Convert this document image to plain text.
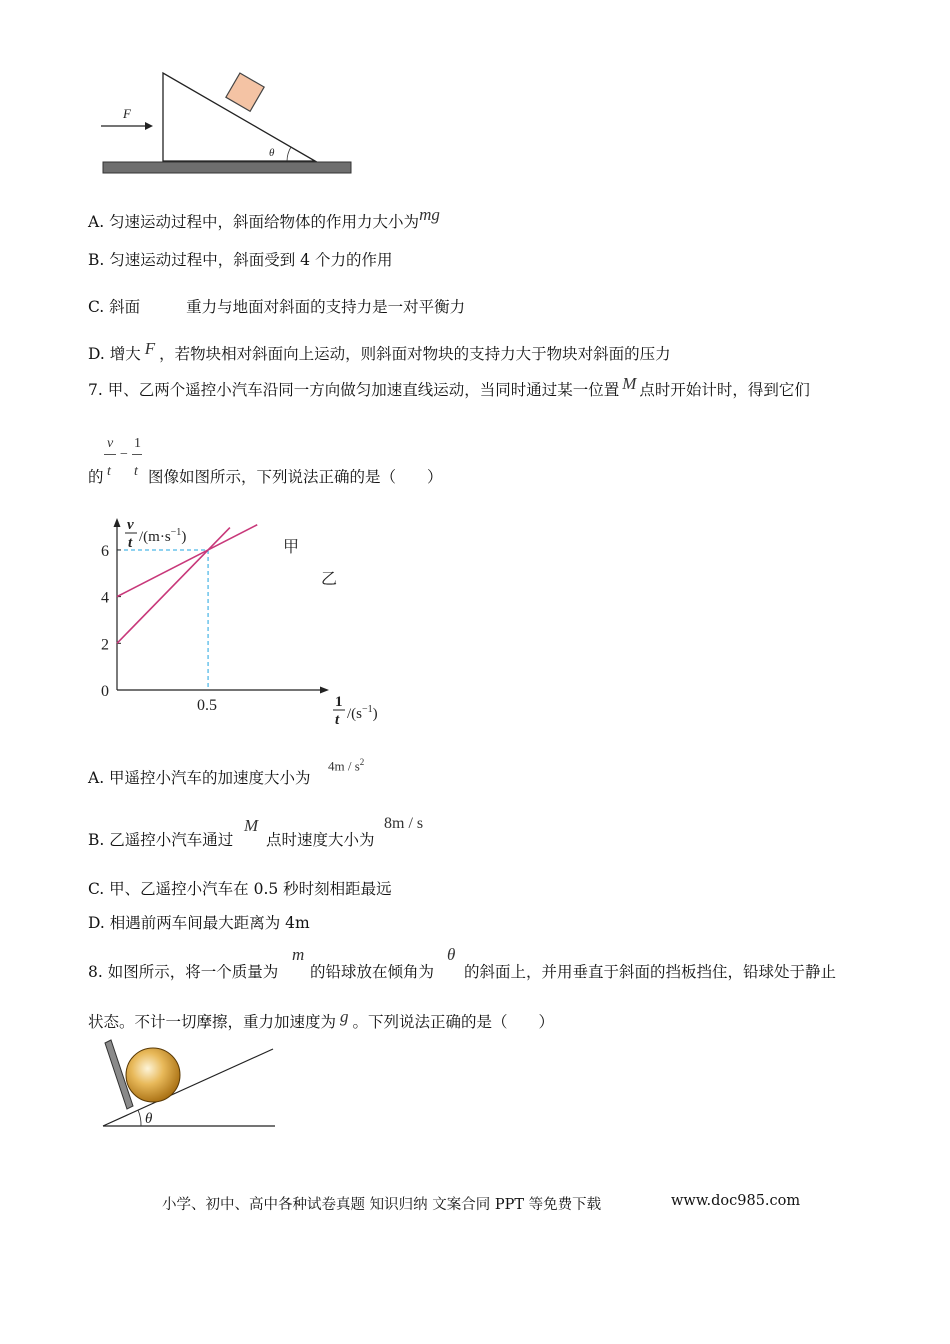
F
θ
A. 匀速运动过程中，斜面给物体的作用力大小为mg
B. 匀速运动过程中，斜面受到 4 个力的作用
C. 斜面	重力与地面对斜面的支持力是一对平衡力
D. 增大 F ，若物块相对斜面向上运动，则斜面对物块的支持力大于物块对斜面的压力
7. 甲、乙两个遥控小汽车沿同一方向做匀加速直线运动，当同时通过某一位置 M 点时开始计时，得到它们
的
v
t
−
1
t 图像如图所示，下列说法正确的是（　　）
v
t $/(m\cdot s^{-1})$
1
t $/(s^{-1})$
0
2
4
6
0.5
甲
乙
A. 甲遥控小汽车的加速度大小为
$4m / s^2$
B. 乙遥控小汽车通过
M
点时速度大小为
8m / s
C. 甲、乙遥控小汽车在 0.5 秒时刻相距最远
D. 相遇前两车间最大距离为 4m
8. 如图所示，将一个质量为
m
的铅球放在倾角为
θ
的斜面上，并用垂直于斜面的挡板挡住，铅球处于静止
状态。不计一切摩擦，重力加速度为 g 。下列说法正确的是（　　）
θ
小学、初中、高中各种试卷真题 知识归纳 文案合同 PPT 等免费下载	www.doc985.com
